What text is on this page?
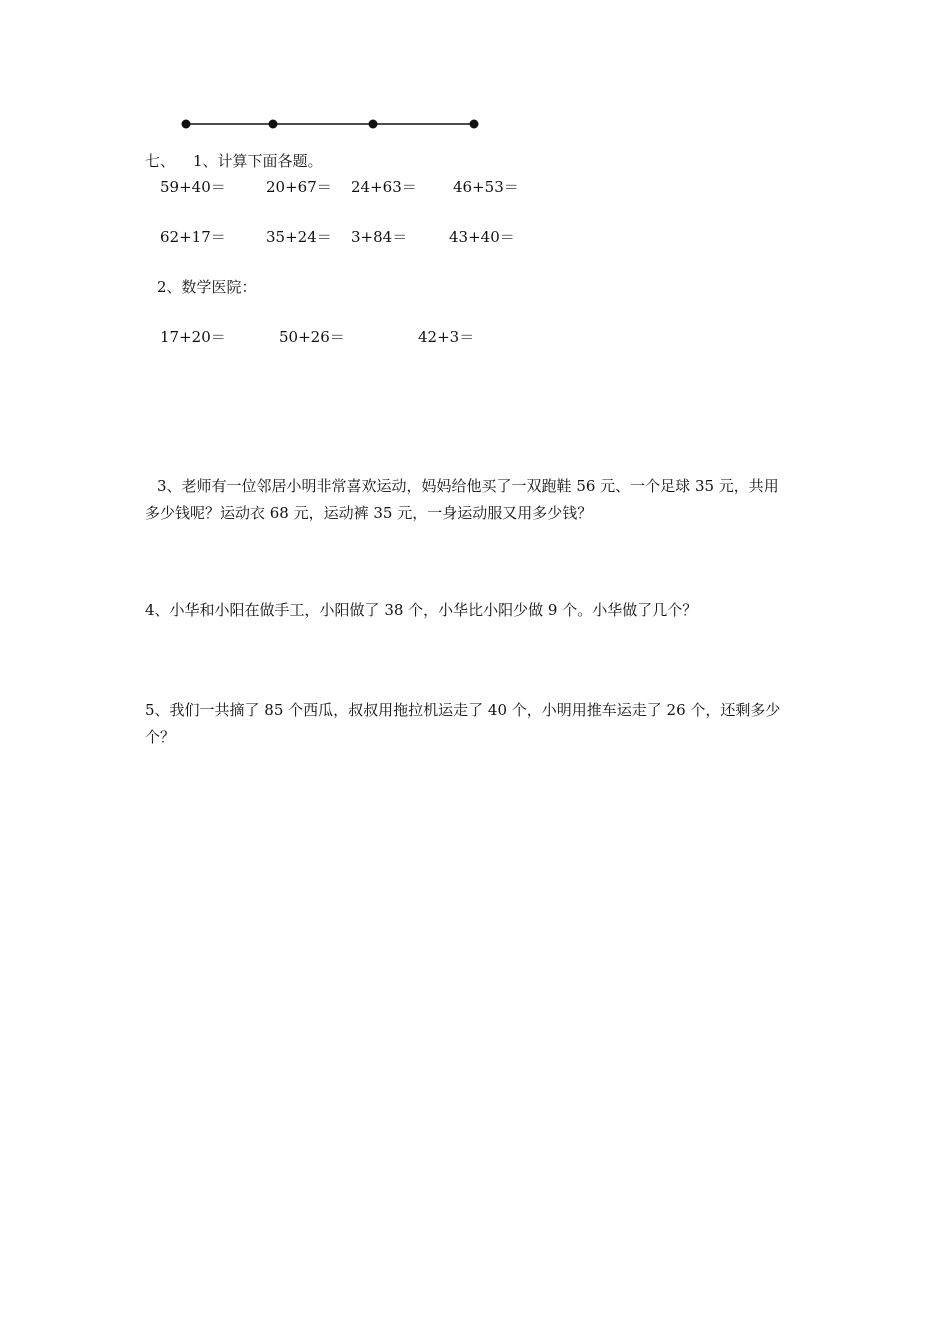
七、 1、计算下面各题。
59+40＝	20+67＝ 24+63＝ 46+53＝
62+17＝	35+24＝ 3+84＝	43+40＝
2、数学医院：
17+20＝	50+26＝	42+3＝
3、老师有一位邻居小明非常喜欢运动，妈妈给他买了一双跑鞋 56 元、一个足球 35 元，共用
多少钱呢？运动衣 68 元，运动裤 35 元，一身运动服又用多少钱？
4、小华和小阳在做手工，小阳做了 38 个，小华比小阳少做 9 个。小华做了几个？
5、我们一共摘了 85 个西瓜，叔叔用拖拉机运走了 40 个，小明用推车运走了 26 个，还剩多少
个？
